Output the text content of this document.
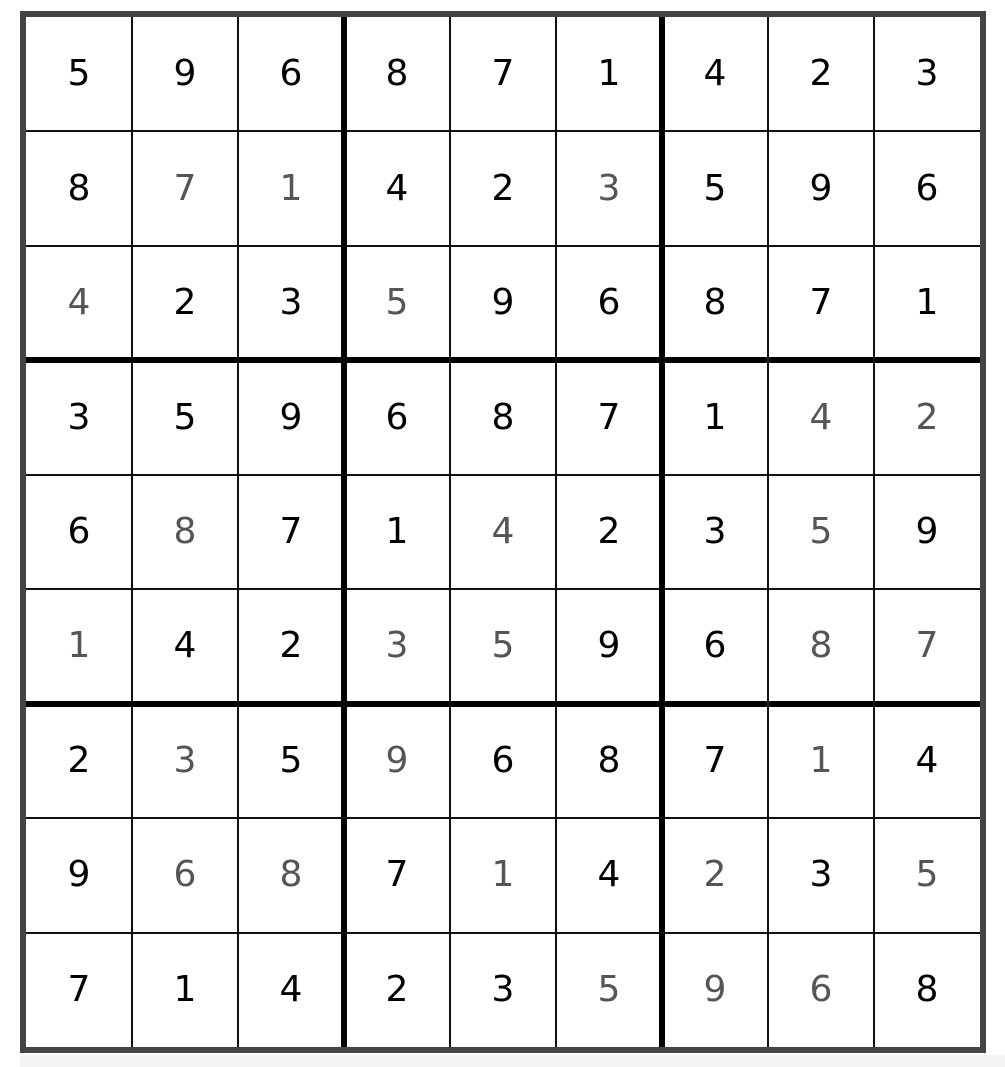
5	9	6	8	7	1	4	2	3
8	7	1	4	2	3	5	9	6
4	2	3	5	9	6	8	7	1
3	5	9	6	8	7	1	4	2
6	8	7	1	4	2	3	5	9
1	4	2	3	5	9	6	8	7
2	3	5	9	6	8	7	1	4
9	6	8	7	1	4	2	3	5
7	1	4	2	3	5	9	6	8
